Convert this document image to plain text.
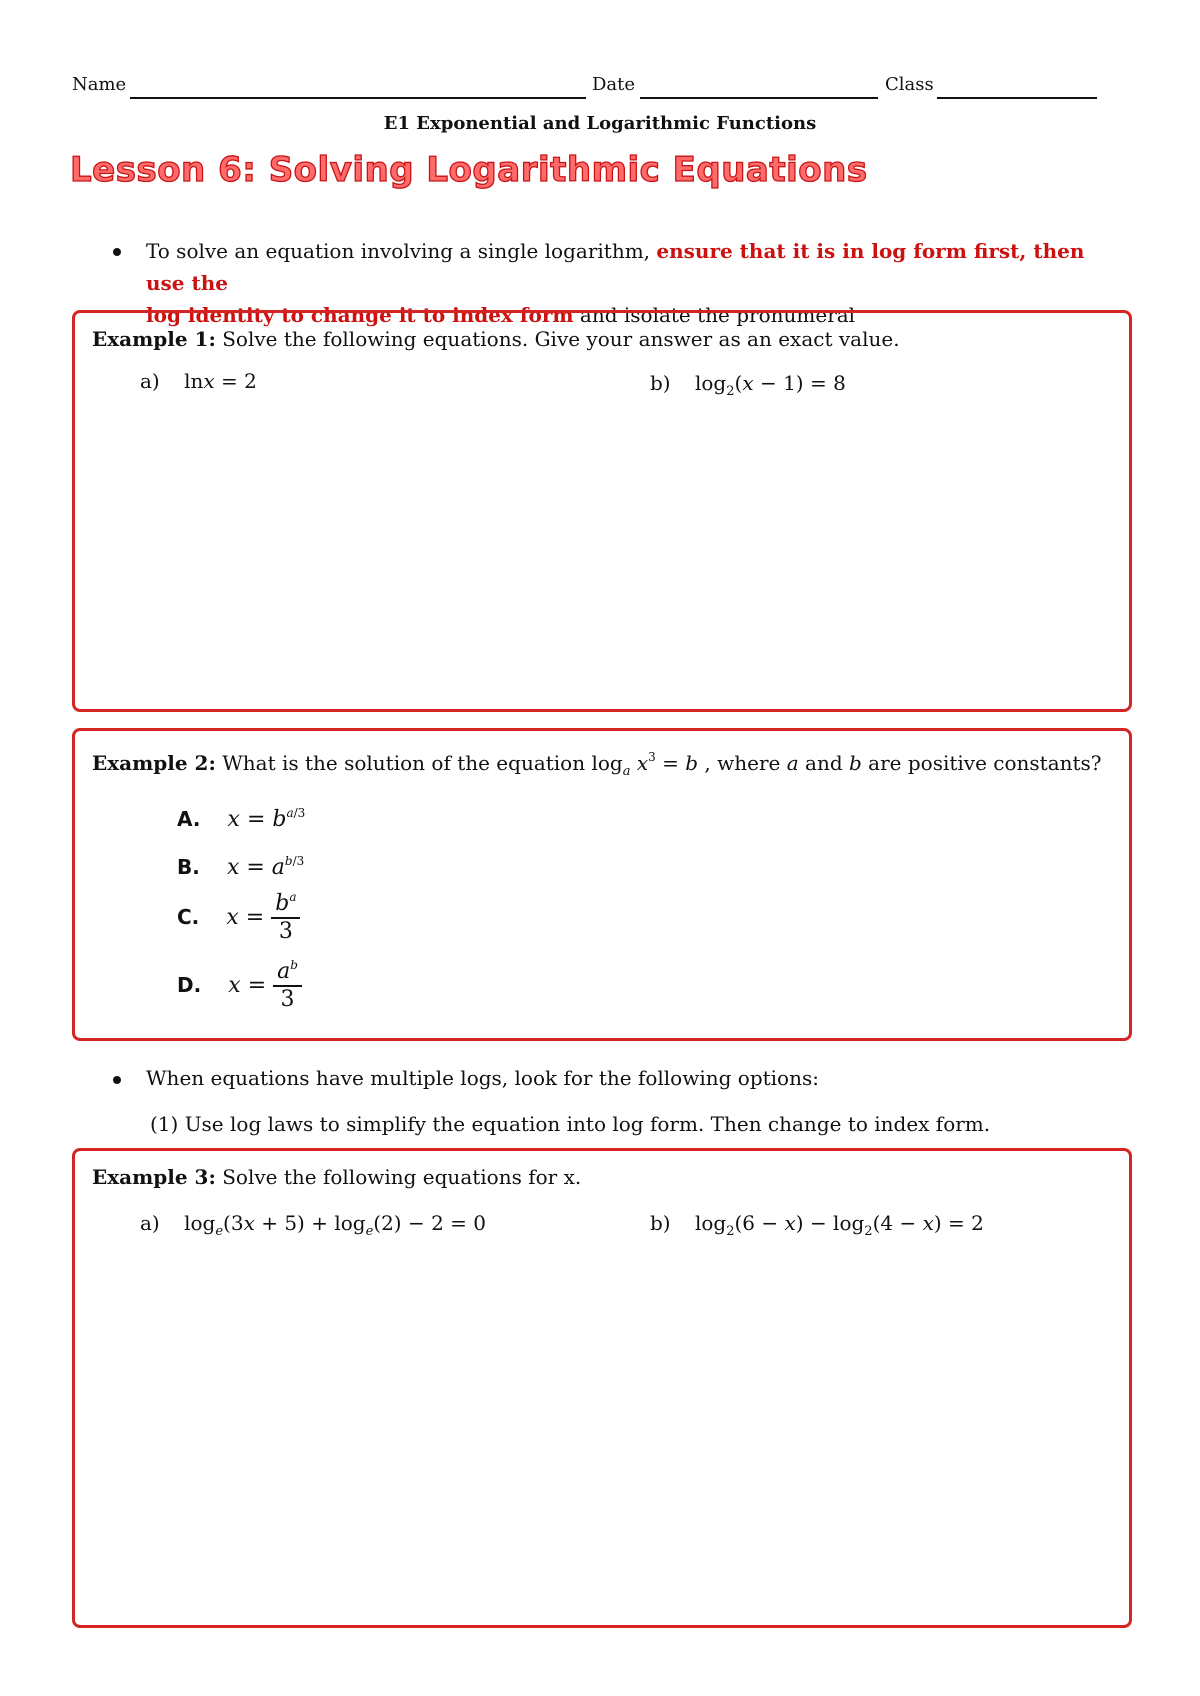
Name	Date	Class
E1 Exponential and Logarithmic Functions
Lesson 6: Solving Logarithmic Equations
To solve an equation involving a single logarithm, ensure that it is in log form first, then use the
log identity to change it to index form and isolate the pronumeral
Example 1: Solve the following equations. Give your answer as an exact value.
a) lnx = 2	b) $\log_2(x - 1) = 8$
Example 2: What is the solution of the equation $\log_a x^3 = b$ , where a and b are positive constants?
A. $x = b^{a/3}$
B. $x = a^{b/3}$
C. $x = \frac{b^a}{3}$
D. $x = \frac{a^b}{3}$
When equations have multiple logs, look for the following options:
(1) Use log laws to simplify the equation into log form. Then change to index form.
Example 3: Solve the following equations for x.
a) $\log_e(3x + 5) + \log_e(2) - 2 = 0$	b) $\log_2(6 - x) - \log_2(4 - x) = 2$
